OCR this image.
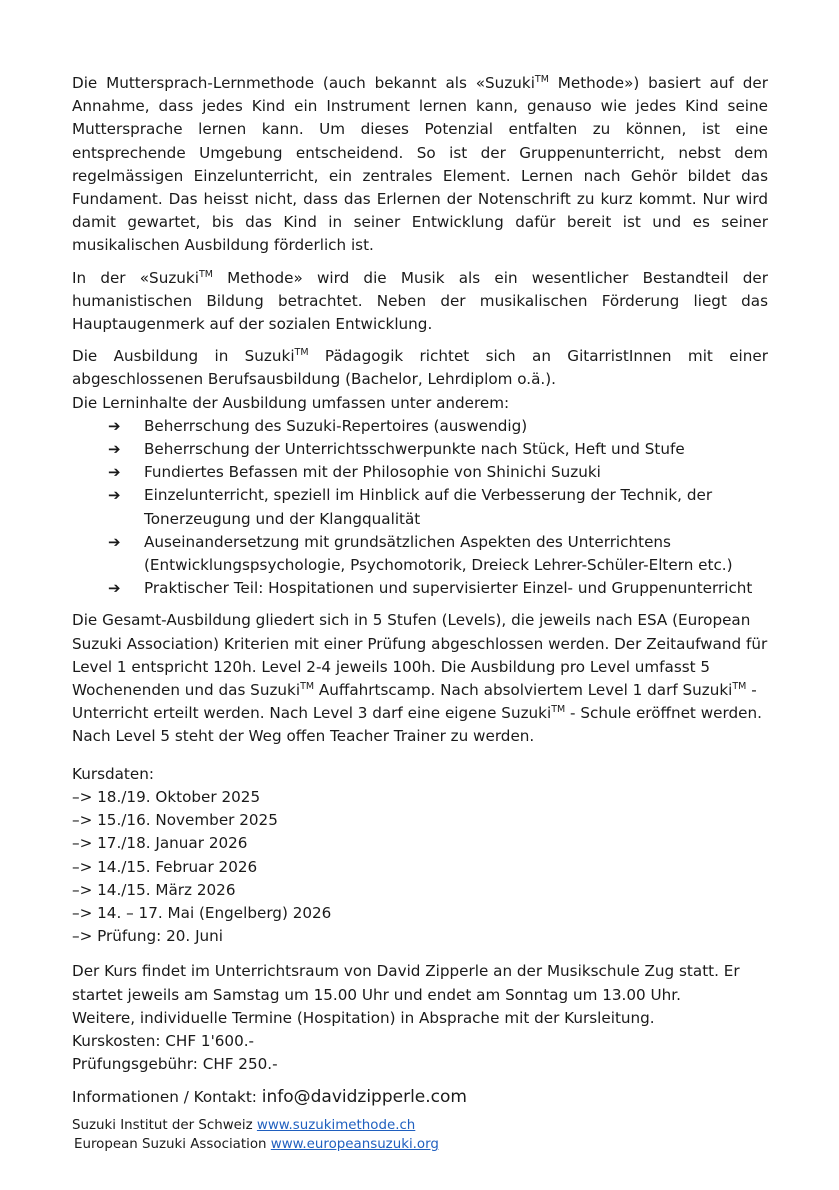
Die Muttersprach-Lernmethode (auch bekannt als «Suzuki™ Methode») basiert auf der Annahme, dass jedes Kind ein Instrument lernen kann, genauso wie jedes Kind seine Muttersprache lernen kann. Um dieses Potenzial entfalten zu können, ist eine entsprechende Umgebung entscheidend. So ist der Gruppenunterricht, nebst dem regelmässigen Einzelunterricht, ein zentrales Element. Lernen nach Gehör bildet das Fundament. Das heisst nicht, dass das Erlernen der Notenschrift zu kurz kommt. Nur wird damit gewartet, bis das Kind in seiner Entwicklung dafür bereit ist und es seiner musikalischen Ausbildung förderlich ist.

In der «Suzuki™ Methode» wird die Musik als ein wesentlicher Bestandteil der humanistischen Bildung betrachtet. Neben der musikalischen Förderung liegt das Hauptaugenmerk auf der sozialen Entwicklung.

Die Ausbildung in Suzuki™ Pädagogik richtet sich an GitarristInnen mit einer abgeschlossenen Berufsausbildung (Bachelor, Lehrdiplom o.ä.).
Die Lerninhalte der Ausbildung umfassen unter anderem:
➔ Beherrschung des Suzuki-Repertoires (auswendig)
➔ Beherrschung der Unterrichtsschwerpunkte nach Stück, Heft und Stufe
➔ Fundiertes Befassen mit der Philosophie von Shinichi Suzuki
➔ Einzelunterricht, speziell im Hinblick auf die Verbesserung der Technik, der Tonerzeugung und der Klangqualität
➔ Auseinandersetzung mit grundsätzlichen Aspekten des Unterrichtens (Entwicklungspsychologie, Psychomotorik, Dreieck Lehrer-Schüler-Eltern etc.)
➔ Praktischer Teil: Hospitationen und supervisierter Einzel- und Gruppenunterricht

Die Gesamt-Ausbildung gliedert sich in 5 Stufen (Levels), die jeweils nach ESA (European Suzuki Association) Kriterien mit einer Prüfung abgeschlossen werden. Der Zeitaufwand für Level 1 entspricht 120h. Level 2-4 jeweils 100h. Die Ausbildung pro Level umfasst 5 Wochenenden und das Suzuki™ Auffahrtscamp. Nach absolviertem Level 1 darf Suzuki™ - Unterricht erteilt werden. Nach Level 3 darf eine eigene Suzuki™ - Schule eröffnet werden. Nach Level 5 steht der Weg offen Teacher Trainer zu werden.

Kursdaten:
–> 18./19. Oktober 2025
–> 15./16. November 2025
–> 17./18. Januar 2026
–> 14./15. Februar 2026
–> 14./15. März 2026
–> 14. – 17. Mai (Engelberg) 2026
–> Prüfung: 20. Juni
Der Kurs findet im Unterrichtsraum von David Zipperle an der Musikschule Zug statt. Er startet jeweils am Samstag um 15.00 Uhr und endet am Sonntag um 13.00 Uhr.
Weitere, individuelle Termine (Hospitation) in Absprache mit der Kursleitung.
Kurskosten: CHF 1'600.-
Prüfungsgebühr: CHF 250.-
Informationen / Kontakt: info@davidzipperle.com
Suzuki Institut der Schweiz www.suzukimethode.ch
European Suzuki Association www.europeansuzuki.org
